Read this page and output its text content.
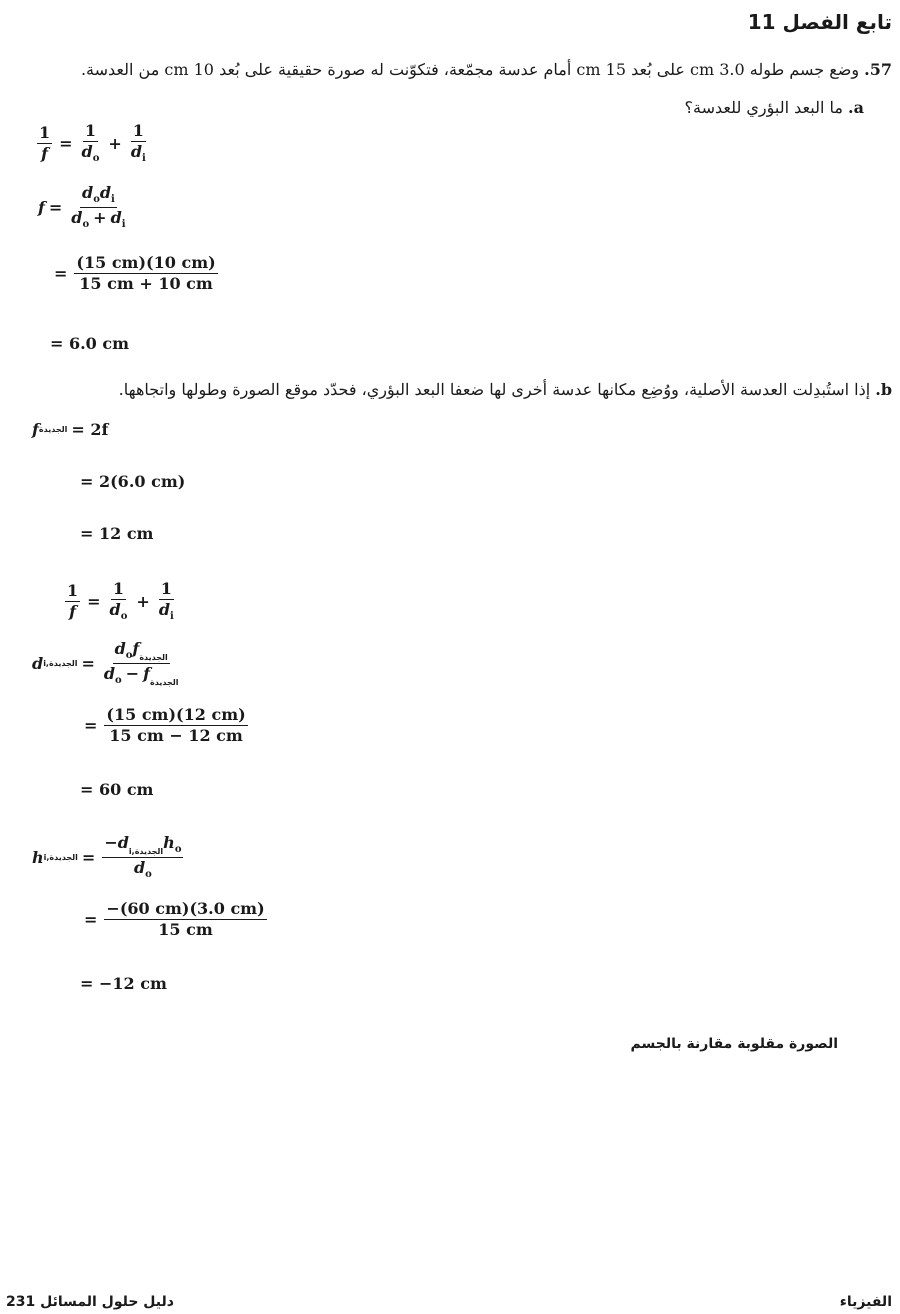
تابع الفصل 11
57. وضع جسم طوله 3.0 cm على بُعد 15 cm أمام عدسة مجمّعة، فتكوّنت له صورة حقيقية على بُعد 10 cm من العدسة.
a. ما البعد البؤري للعدسة؟
$\frac{1}{f} = \frac{1}{d_o} + \frac{1}{d_i}$
$f = \frac{d_od_i}{d_o + d_i}$
= $\frac{(15 cm)(10 cm)}{15 cm + 10 cm}$
= 6.0 cm
b. إذا استُبدِلت العدسة الأصلية، ووُضِع مكانها عدسة أخرى لها ضعفا البعد البؤري، فحدّد موقع الصورة وطولها واتجاهها.
f الجديدة = 2f
= 2(6.0 cm)
= 12 cm
$\frac{1}{f} = \frac{1}{d_o} + \frac{1}{d_i}$
d i,الجديدة = $\frac{d_of_{الجديدة}}{d_o - f_{الجديدة}}$
= $\frac{(15 cm)(12 cm)}{15 cm - 12 cm}$
= 60 cm
h i,الجديدة = $\frac{-d_{i,الجديدة}h_o}{d_o}$
= $\frac{-(60 cm)(3.0 cm)}{15 cm}$
= −12 cm
الصورة مقلوبة مقارنة بالجسم
دليل حلول المسائل 231	الفيزياء
